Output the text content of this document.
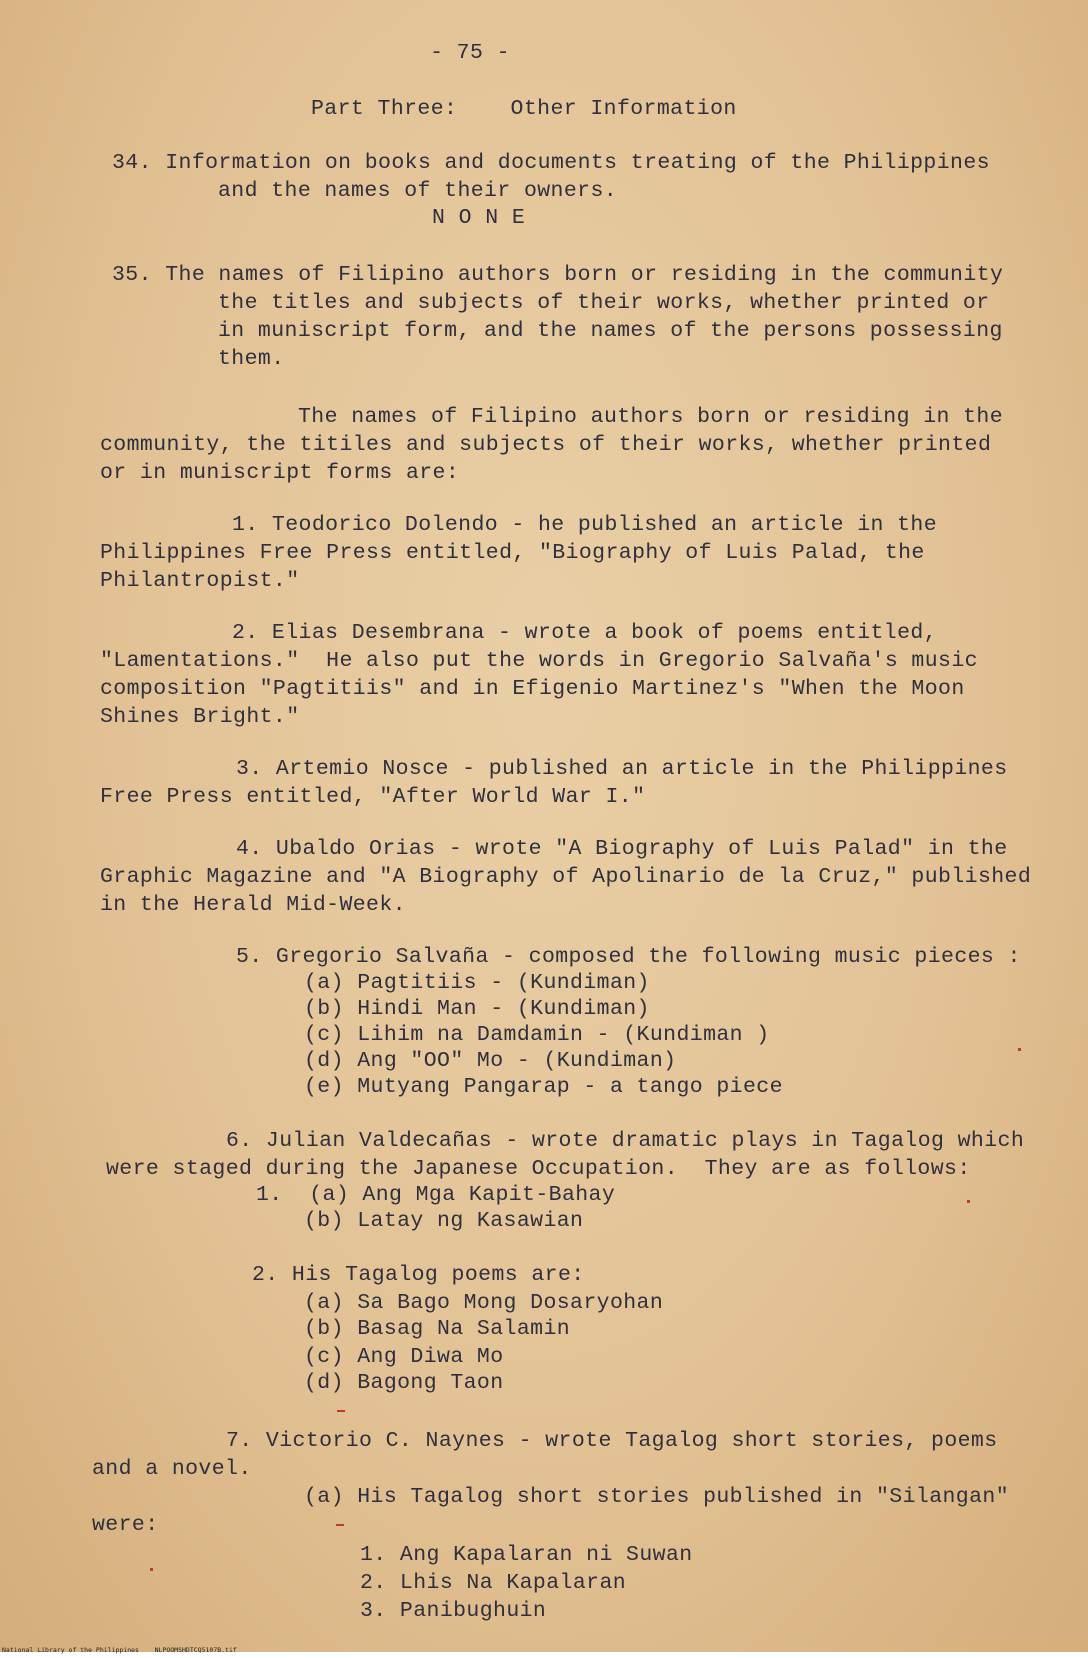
- 75 -
Part Three:    Other Information
34. Information on books and documents treating of the Philippines
and the names of their owners.
N O N E
35. The names of Filipino authors born or residing in the community
the titles and subjects of their works, whether printed or
in muniscript form, and the names of the persons possessing
them.
The names of Filipino authors born or residing in the
community, the titiles and subjects of their works, whether printed
or in muniscript forms are:
1. Teodorico Dolendo - he published an article in the
Philippines Free Press entitled, "Biography of Luis Palad, the
Philantropist."
2. Elias Desembrana - wrote a book of poems entitled,
"Lamentations."  He also put the words in Gregorio Salvaña's music
composition "Pagtitiis" and in Efigenio Martinez's "When the Moon
Shines Bright."
3. Artemio Nosce - published an article in the Philippines
Free Press entitled, "After World War I."
4. Ubaldo Orias - wrote "A Biography of Luis Palad" in the
Graphic Magazine and "A Biography of Apolinario de la Cruz," published
in the Herald Mid-Week.
5. Gregorio Salvaña - composed the following music pieces :
(a) Pagtitiis - (Kundiman)
(b) Hindi Man - (Kundiman)
(c) Lihim na Damdamin - (Kundiman )
(d) Ang "OO" Mo - (Kundiman)
(e) Mutyang Pangarap - a tango piece
6. Julian Valdecañas - wrote dramatic plays in Tagalog which
were staged during the Japanese Occupation.  They are as follows:
1.  (a) Ang Mga Kapit-Bahay
(b) Latay ng Kasawian
2. His Tagalog poems are:
(a) Sa Bago Mong Dosaryohan
(b) Basag Na Salamin
(c) Ang Diwa Mo
(d) Bagong Taon
7. Victorio C. Naynes - wrote Tagalog short stories, poems
and a novel.
(a) His Tagalog short stories published in "Silangan"
were:
1. Ang Kapalaran ni Suwan
2. Lhis Na Kapalaran
3. Panibughuin
National Library of the Philippines    NLPOOMSHDTCQ5107B.tif
